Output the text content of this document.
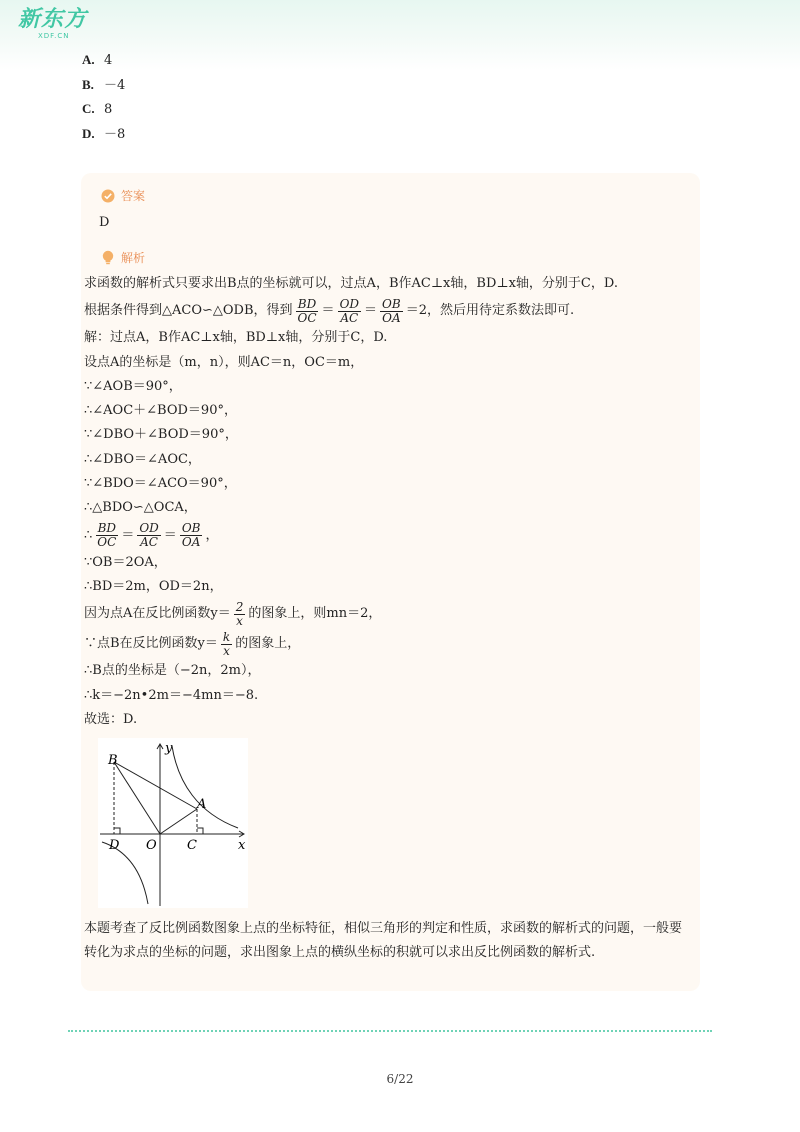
新东方
XDF.CN
A. 4
B. －4
C. 8
D. －8
答案
D
解析
求函数的解析式只要求出B点的坐标就可以，过点A，B作AC⊥x轴，BD⊥x轴，分别于C，D.
根据条件得到△ACO∽△ODB，得到 $\frac{BD}{OC} = \frac{OD}{AC} = \frac{OB}{OA} =2$，然后用待定系数法即可.
解：过点A，B作AC⊥x轴，BD⊥x轴，分别于C，D.
设点A的坐标是（m，n），则AC＝n，OC＝m，
∵∠AOB＝90°，
∴∠AOC＋∠BOD＝90°，
∵∠DBO＋∠BOD＝90°，
∴∠DBO＝∠AOC，
∵∠BDO＝∠ACO＝90°，
∴△BDO∽△OCA，
∴ $\frac{BD}{OC} = \frac{OD}{AC} = \frac{OB}{OA}$ ，
∵OB＝2OA，
∴BD＝2m，OD＝2n，
因为点A在反比例函数$y= \frac{2}{x}$ 的图象上，则mn＝2，
∵点B在反比例函数$y= \frac{k}{x}$ 的图象上，
∴B点的坐标是（−2n，2m），
∴k＝−2n•2m＝−4mn＝−8.
故选：D.
y
x
B
A
O
D	C
本题考查了反比例函数图象上点的坐标特征，相似三角形的判定和性质，求函数的解析式的问题，一般要转化为求点的坐标的问题，求出图象上点的横纵坐标的积就可以求出反比例函数的解析式.
6/22
